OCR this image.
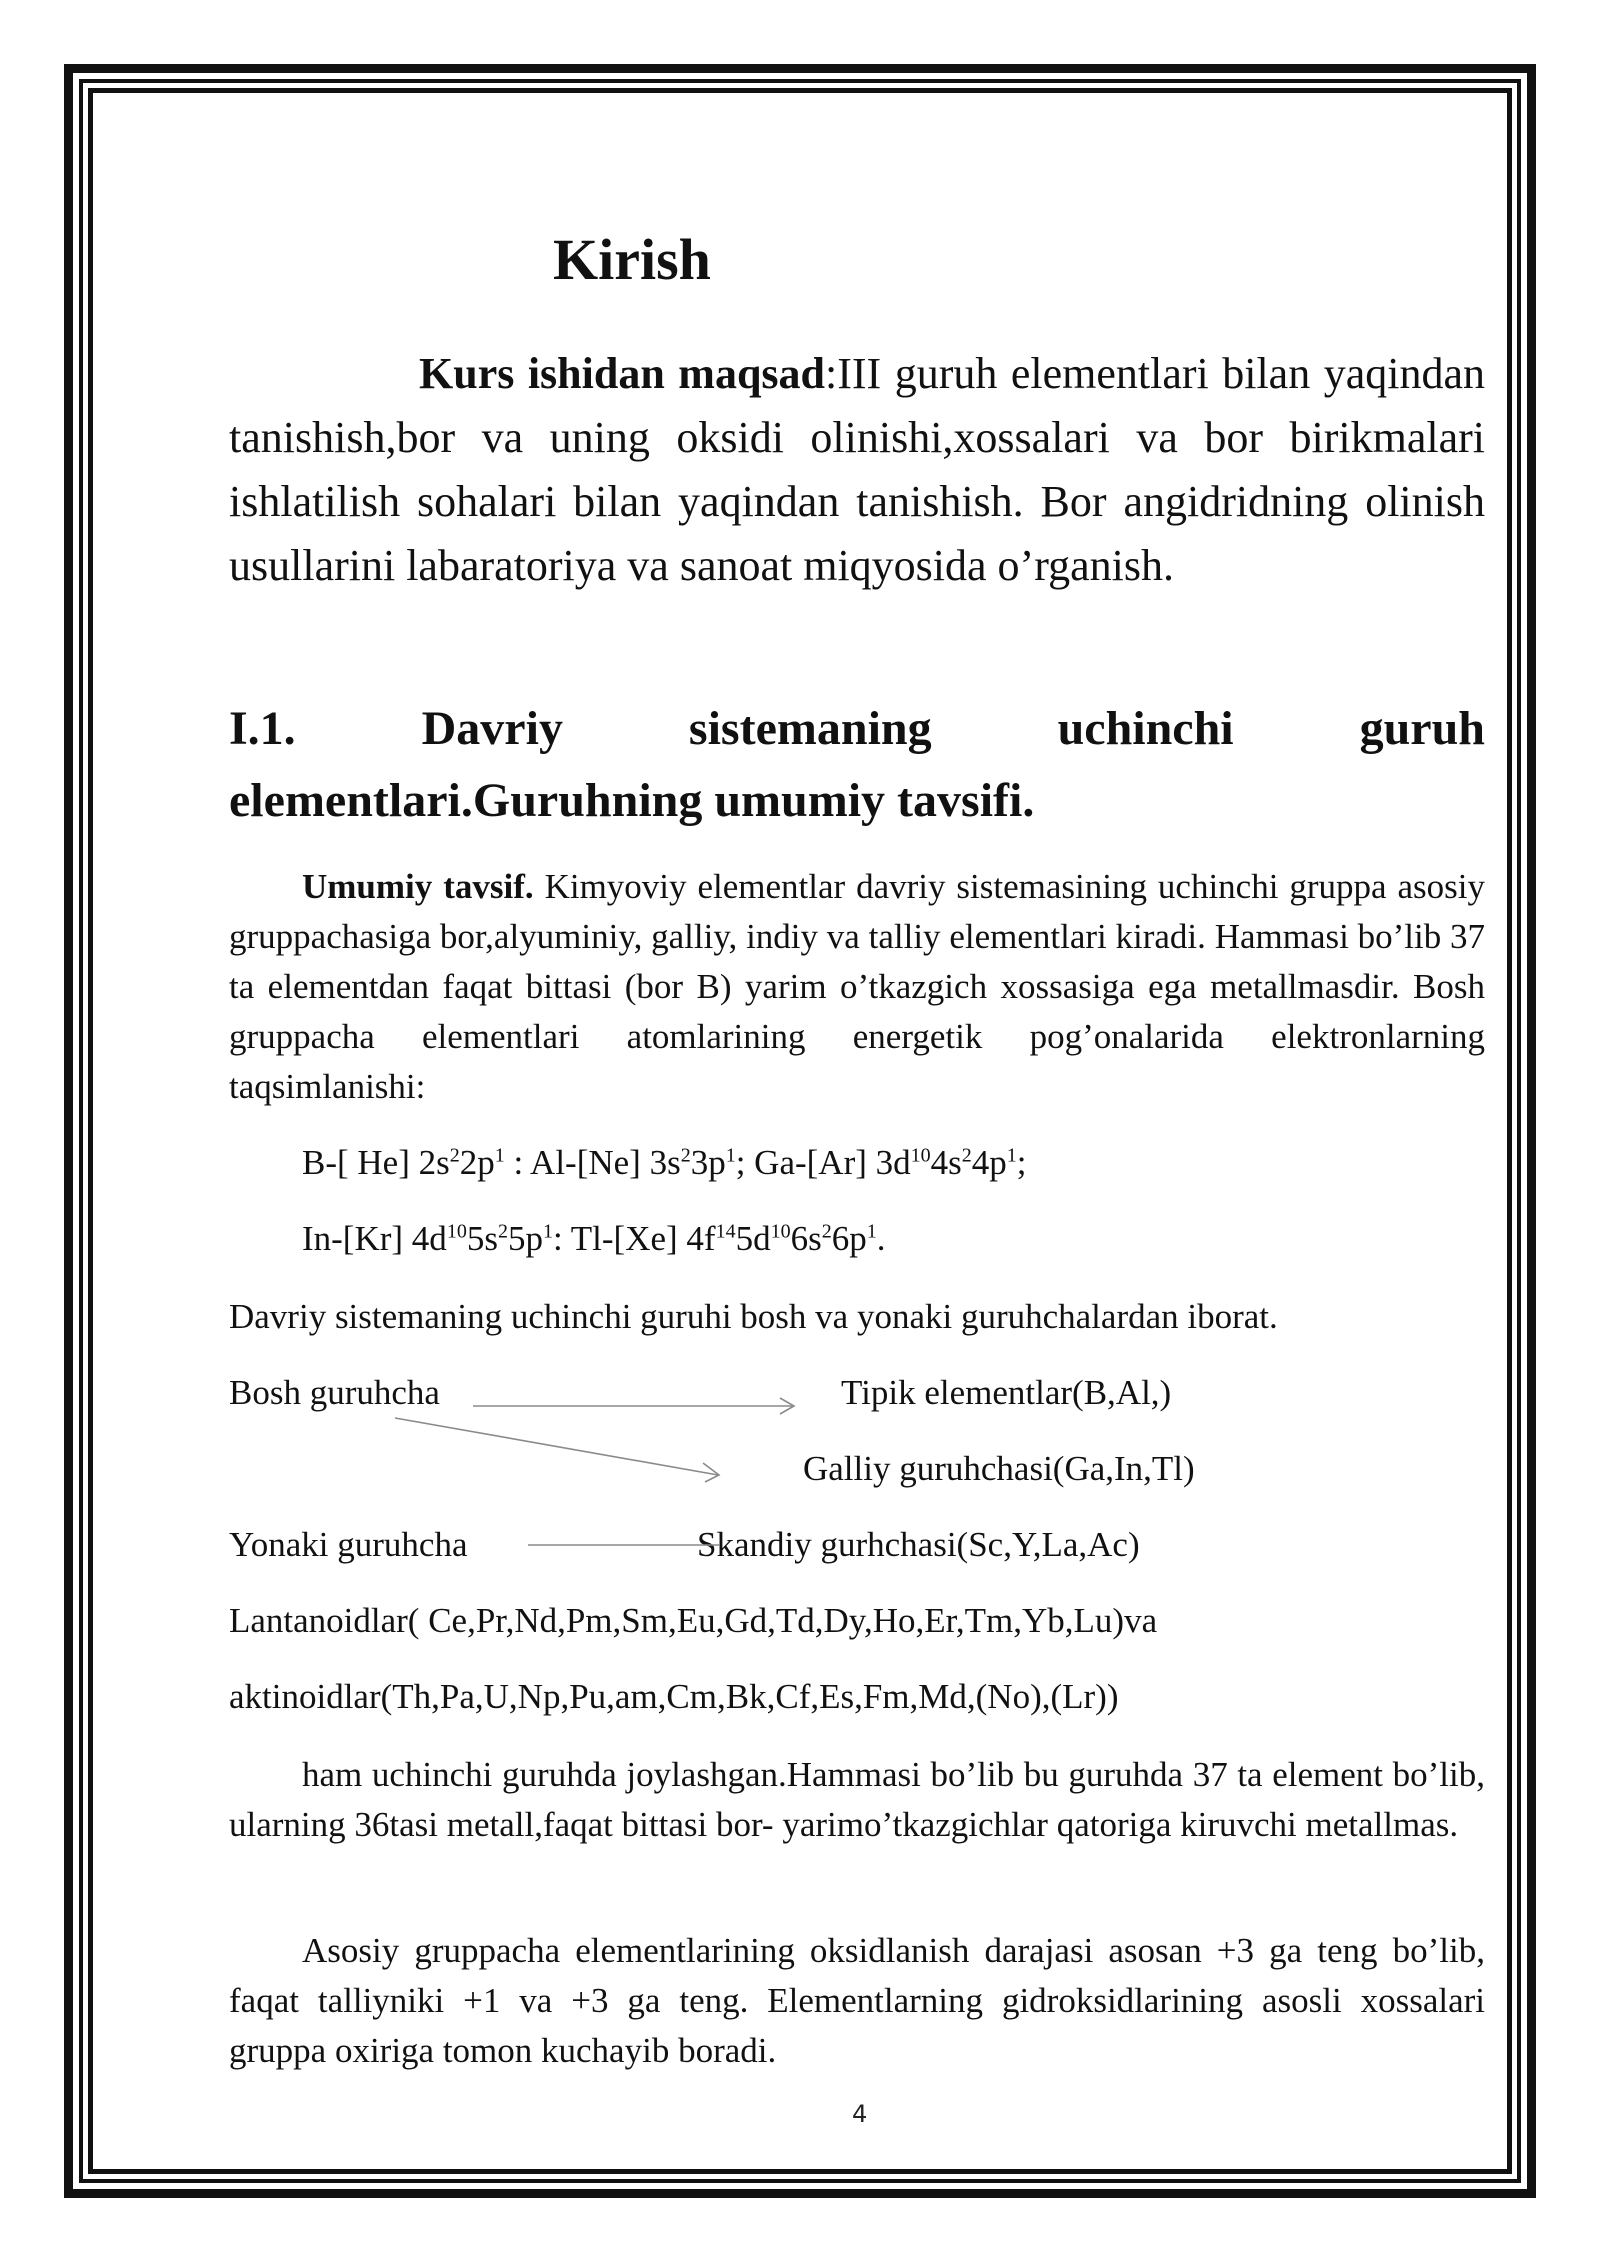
Kirish

Kurs ishidan maqsad:III guruh elementlari bilan yaqindan tanishish,bor va uning oksidi olinishi,xossalari va bor birikmalari ishlatilish sohalari bilan yaqindan tanishish. Bor angidridning olinish usullarini labaratoriya va sanoat miqyosida o’rganish.

I.1.	Davriy	sistemaning	uchinchi	guruh
elementlari.Guruhning umumiy tavsifi.

Umumiy tavsif. Kimyoviy elementlar davriy sistemasining uchinchi gruppa asosiy gruppachasiga bor,alyuminiy, galliy, indiy va talliy elementlari kiradi. Hammasi bo’lib 37 ta elementdan faqat bittasi (bor B) yarim o’tkazgich xossasiga ega metallmasdir. Bosh gruppacha elementlari atomlarining energetik pog’onalarida elektronlarning taqsimlanishi:

B-[ He] $2s^22p^1$ : Al-[Ne] $3s^23p^1$; Ga-[Ar] $3d^{10}4s^24p^1$;

In-[Kr] $4d^{10}5s^25p^1$: Tl-[Xe] $4f^{14}5d^{10}6s^26p^1$.

Davriy sistemaning uchinchi guruhi bosh va yonaki guruhchalardan iborat.

Bosh guruhcha	Tipik elementlar(B,Al,)
Galliy guruhchasi(Ga,In,Tl)
Yonaki guruhcha	Skandiy gurhchasi(Sc,Y,La,Ac)

Lantanoidlar( Ce,Pr,Nd,Pm,Sm,Eu,Gd,Td,Dy,Ho,Er,Tm,Yb,Lu)va

aktinoidlar(Th,Pa,U,Np,Pu,am,Cm,Bk,Cf,Es,Fm,Md,(No),(Lr))

ham uchinchi guruhda joylashgan.Hammasi bo’lib bu guruhda 37 ta element bo’lib, ularning 36tasi metall,faqat bittasi bor- yarimo’tkazgichlar qatoriga kiruvchi metallmas.

Asosiy gruppacha elementlarining oksidlanish darajasi asosan +3 ga teng bo’lib, faqat talliyniki +1 va +3 ga teng. Elementlarning gidroksidlarining asosli xossalari gruppa oxiriga tomon kuchayib boradi.

4
